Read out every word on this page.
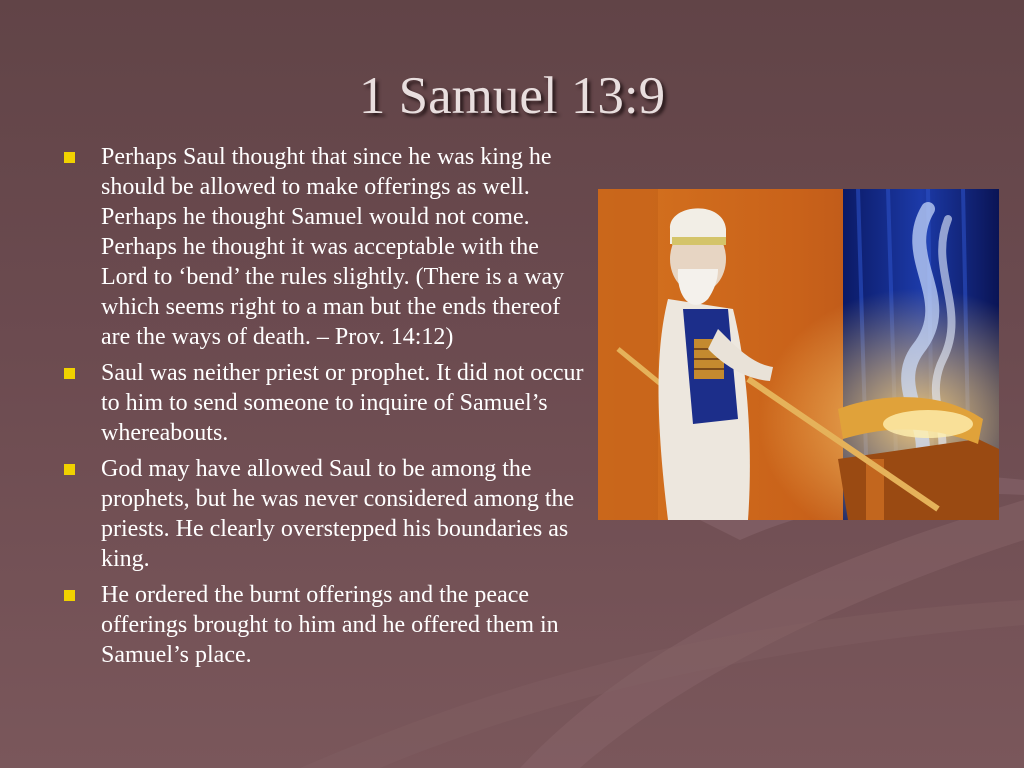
1 Samuel 13:9
Perhaps Saul thought that since he was king he should be allowed to make offerings as well. Perhaps he thought Samuel would not come. Perhaps he thought it was acceptable with the Lord to ‘bend’ the rules slightly. (There is a way which seems right to a man but the ends thereof are the ways of death. – Prov. 14:12)
Saul was neither priest or prophet. It did not occur to him to send someone to inquire of Samuel’s whereabouts.
God may have allowed Saul to be among the prophets, but he was never considered among the priests. He clearly overstepped his boundaries as king.
He ordered the burnt offerings and the peace offerings brought to him and he offered them in Samuel’s place.
